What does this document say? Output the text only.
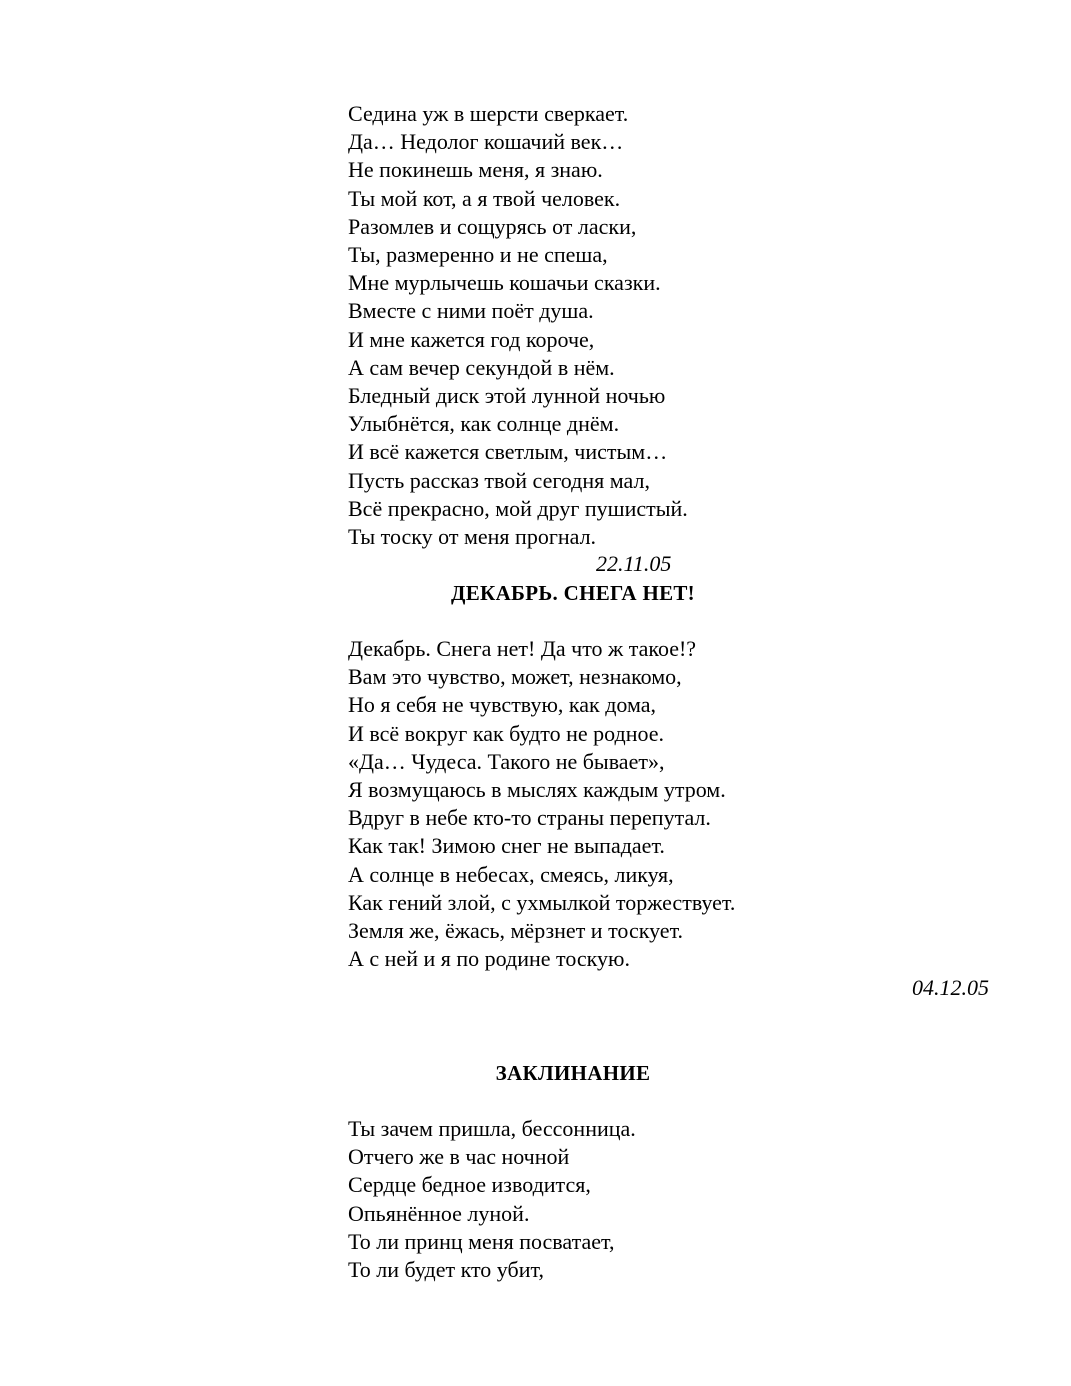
Седина уж в шерсти сверкает.
Да… Недолог кошачий век…
Не покинешь меня, я знаю.
Ты мой кот, а я твой человек.
Разомлев и сощурясь от ласки,
Ты, размеренно и не спеша,
Мне мурлычешь кошачьи сказки.
Вместе с ними поёт душа.
И мне кажется год короче,
А сам вечер секундой в нём.
Бледный диск этой лунной ночью
Улыбнётся, как солнце днём.
И всё кажется светлым, чистым…
Пусть рассказ твой сегодня мал,
Всё прекрасно, мой друг пушистый.
Ты тоску от меня прогнал.
22.11.05
ДЕКАБРЬ. СНЕГА НЕТ!
Декабрь. Снега нет! Да что ж такое!?
Вам это чувство, может, незнакомо,
Но я себя не чувствую, как дома,
И всё вокруг как будто не родное.
«Да… Чудеса. Такого не бывает»,
Я возмущаюсь в мыслях каждым утром.
Вдруг в небе кто-то страны перепутал.
Как так! Зимою снег не выпадает.
А солнце в небесах, смеясь, ликуя,
Как гений злой, с ухмылкой торжествует.
Земля же, ёжась, мёрзнет и тоскует.
А с ней и я по родине тоскую.
04.12.05
ЗАКЛИНАНИЕ
Ты зачем пришла, бессонница.
Отчего же в час ночной
Сердце бедное изводится,
Опьянённое луной.
То ли принц меня посватает,
То ли будет кто убит,
